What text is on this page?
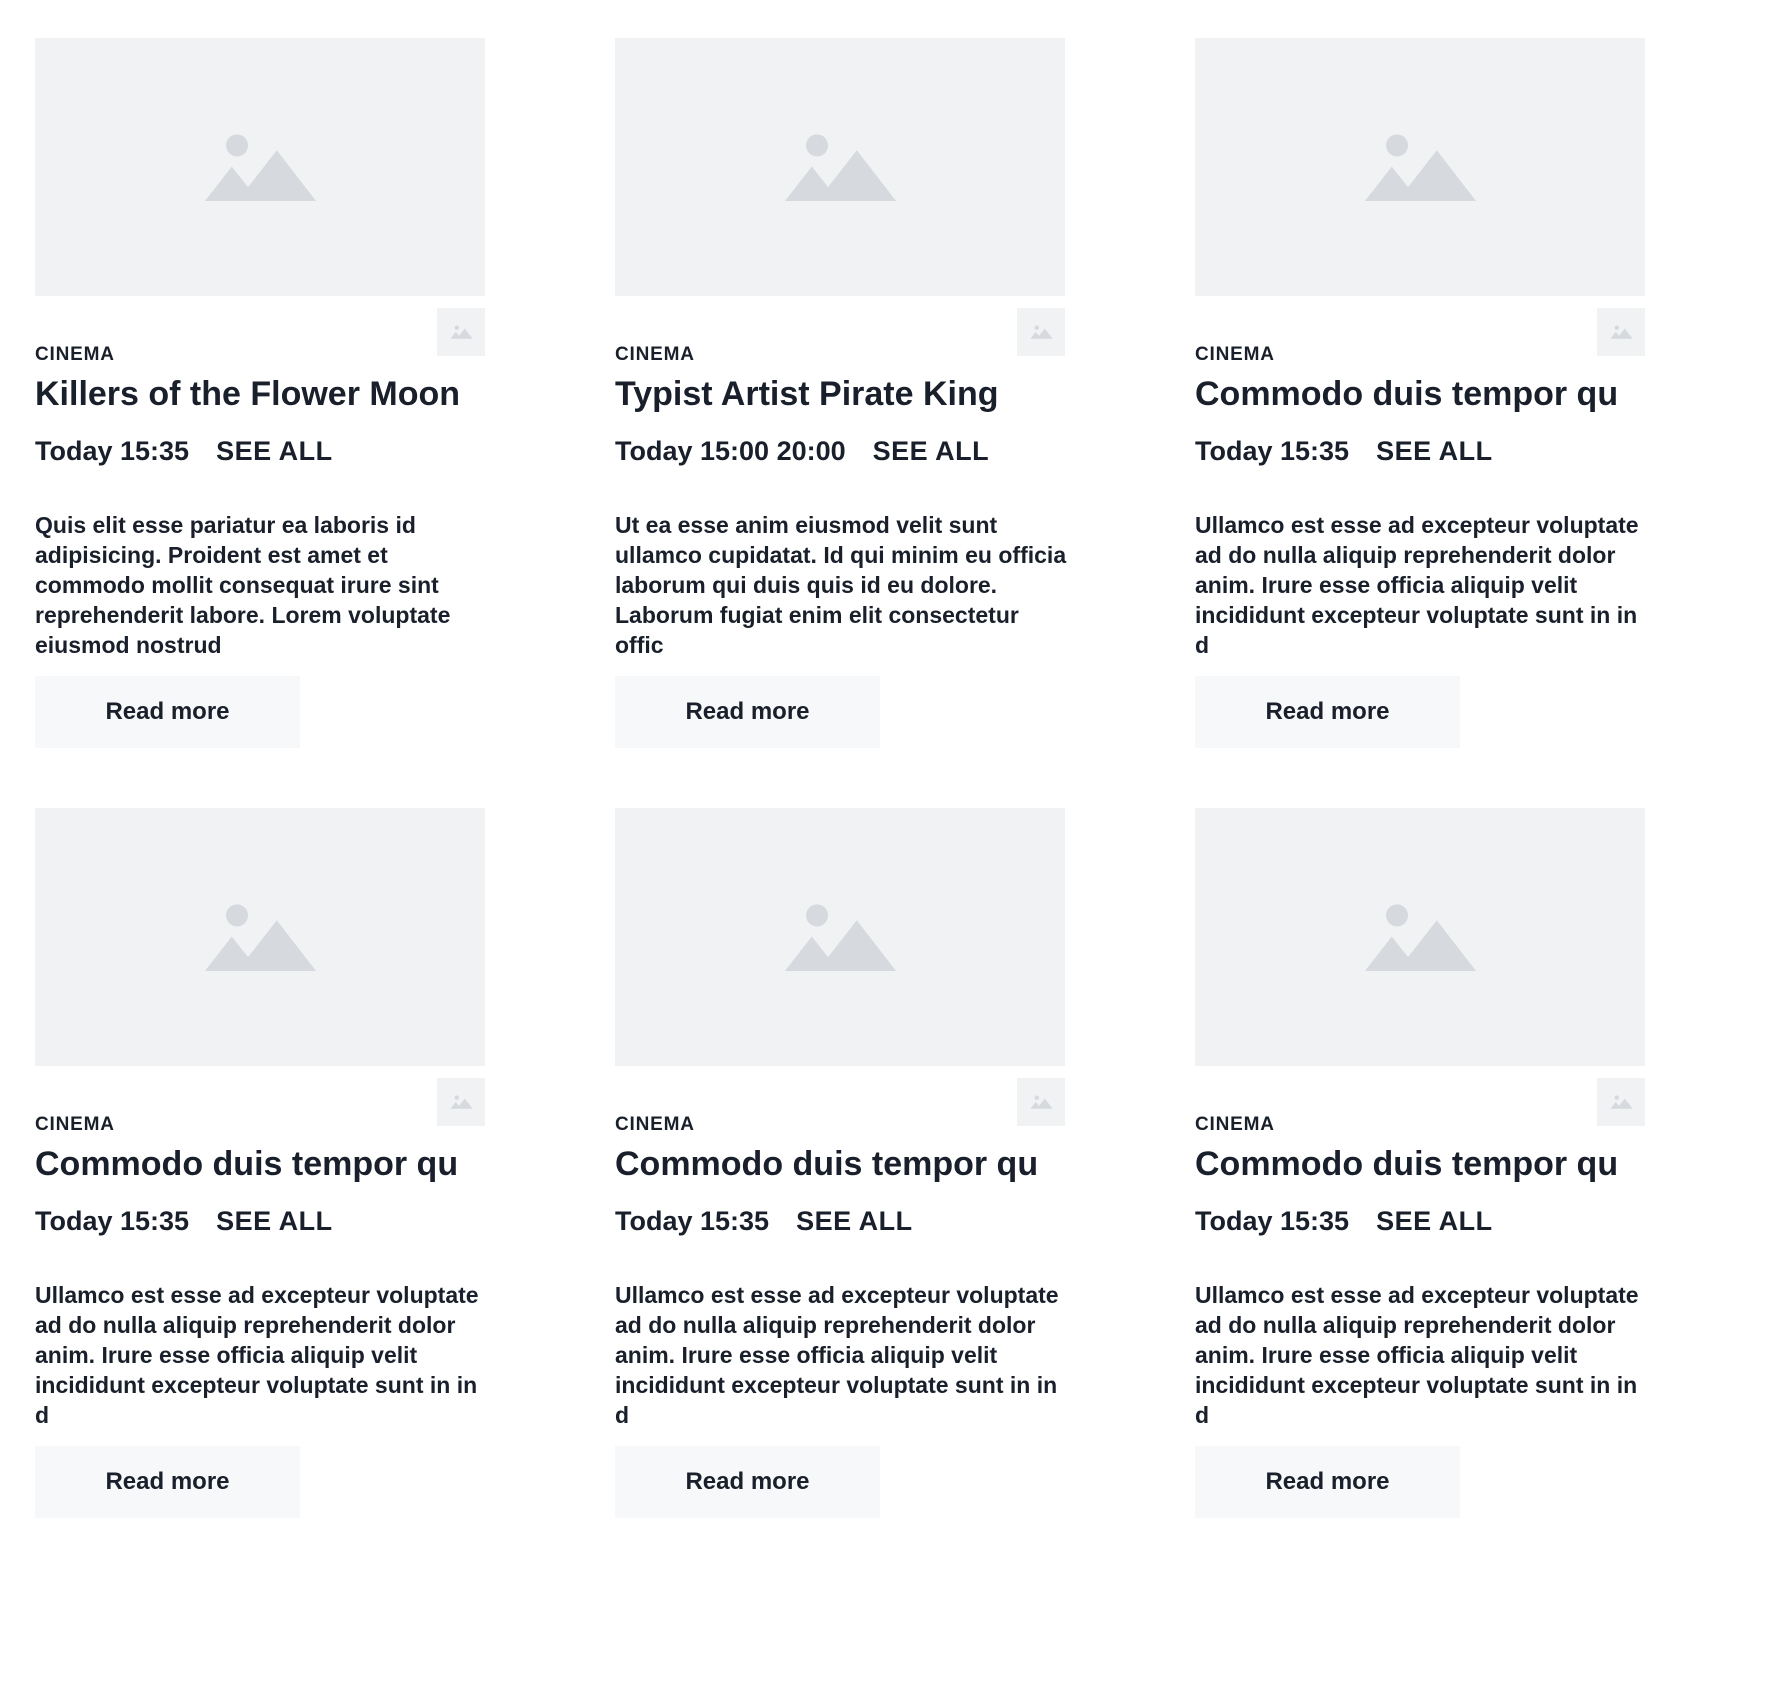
CINEMA
Killers of the Flower Moon
Today 15:35 SEE ALL

Quis elit esse pariatur ea laboris id adipisicing. Proident est amet et commodo mollit consequat irure sint reprehenderit labore. Lorem voluptate eiusmod nostrud

Read more
CINEMA
Typist Artist Pirate King
Today 15:00 20:00 SEE ALL

Ut ea esse anim eiusmod velit sunt ullamco cupidatat. Id qui minim eu officia laborum qui duis quis id eu dolore. Laborum fugiat enim elit consectetur offic

Read more
CINEMA
Commodo duis tempor qu
Today 15:35 SEE ALL

Ullamco est esse ad excepteur voluptate ad do nulla aliquip reprehenderit dolor anim. Irure esse officia aliquip velit incididunt excepteur voluptate sunt in in d

Read more
CINEMA
Commodo duis tempor qu
Today 15:35 SEE ALL

Ullamco est esse ad excepteur voluptate ad do nulla aliquip reprehenderit dolor anim. Irure esse officia aliquip velit incididunt excepteur voluptate sunt in in d

Read more
CINEMA
Commodo duis tempor qu
Today 15:35 SEE ALL

Ullamco est esse ad excepteur voluptate ad do nulla aliquip reprehenderit dolor anim. Irure esse officia aliquip velit incididunt excepteur voluptate sunt in in d

Read more
CINEMA
Commodo duis tempor qu
Today 15:35 SEE ALL

Ullamco est esse ad excepteur voluptate ad do nulla aliquip reprehenderit dolor anim. Irure esse officia aliquip velit incididunt excepteur voluptate sunt in in d

Read more
